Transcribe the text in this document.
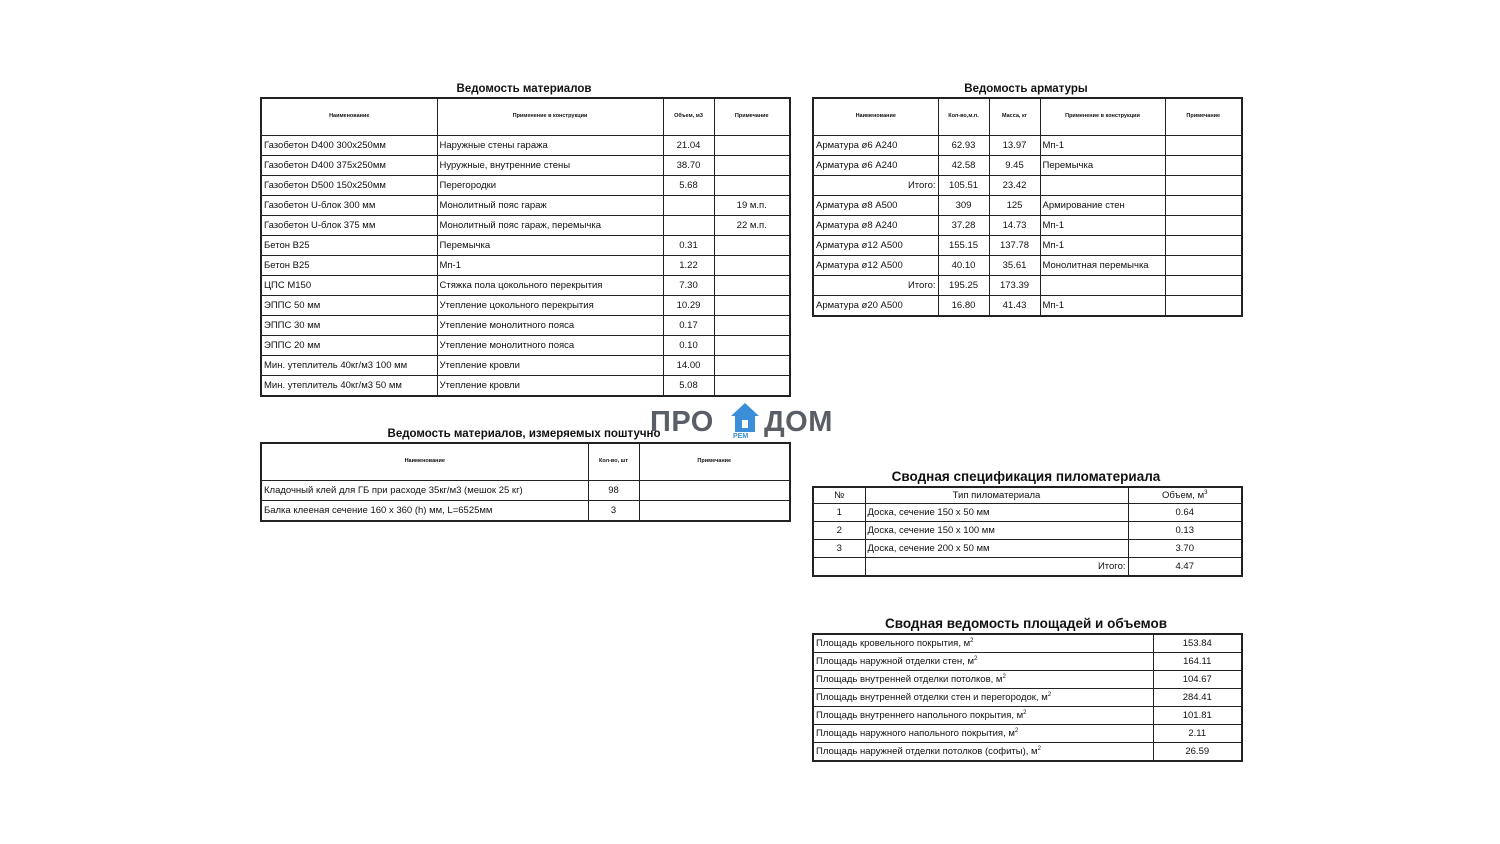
Ведомость материалов
Наименование	Применение в конструкции	Объем, м3	Примечание
Газобетон D400 300x250мм	Наружные стены гаража	21.04	
Газобетон D400 375x250мм	Нуружные, внутренние стены	38.70	
Газобетон D500 150x250мм	Перегородки	5.68	
Газобетон U-блок 300 мм	Монолитный пояс гараж		19 м.п.
Газобетон U-блок 375 мм	Монолитный пояс гараж, перемычка		22 м.п.
Бетон В25	Перемычка	0.31	
Бетон В25	Мп-1	1.22	
ЦПС М150	Стяжка пола цокольного перекрытия	7.30	
ЭППС 50 мм	Утепление цокольного перекрытия	10.29	
ЭППС 30 мм	Утепление монолитного пояса	0.17	
ЭППС 20 мм	Утепление монолитного пояса	0.10	
Мин. утеплитель 40кг/м3 100 мм	Утепление кровли	14.00	
Мин. утеплитель 40кг/м3 50 мм	Утепление кровли	5.08	
Ведомость арматуры
Наименование	Кол-во,м.п.	Масса, кг	Применение в конструкции	Примечание
Арматура ø6 А240	62.93	13.97	Мп-1	
Арматура ø6 А240	42.58	9.45	Перемычка	
Итого:	105.51	23.42		
Арматура ø8 А500	309	125	Армирование стен	
Арматура ø8 А240	37.28	14.73	Мп-1	
Арматура ø12 А500	155.15	137.78	Мп-1	
Арматура ø12 А500	40.10	35.61	Монолитная перемычка	
Итого:	195.25	173.39		
Арматура ø20 А500	16.80	41.43	Мп-1	
ПРО	РЕМ ДОМ
Ведомость материалов, измеряемых поштучно
Наименование	Кол-во, шт	Примечание
Кладочный клей для ГБ при расходе 35кг/м3 (мешок 25 кг)	98	
Балка клееная сечение 160 х 360 (h) мм, L=6525мм	3	
Сводная спецификация пиломатериала
№	Тип пиломатериала	Объем, $м^3$
1	Доска, сечение 150 х 50 мм	0.64
2	Доска, сечение 150 х 100 мм	0.13
3	Доска, сечение 200 х 50 мм	3.70
	Итого:	4.47
Сводная ведомость площадей и объемов
Площадь кровельного покрытия, $м^2$	153.84
Площадь наружной отделки стен, $м^2$	164.11
Площадь внутренней отделки потолков, $м^2$	104.67
Площадь внутренней отделки стен и перегородок, $м^2$	284.41
Площадь внутреннего напольного покрытия, $м^2$	101.81
Площадь наружного напольного покрытия, $м^2$	2.11
Площадь наружней отделки потолков (софиты), $м^2$	26.59
